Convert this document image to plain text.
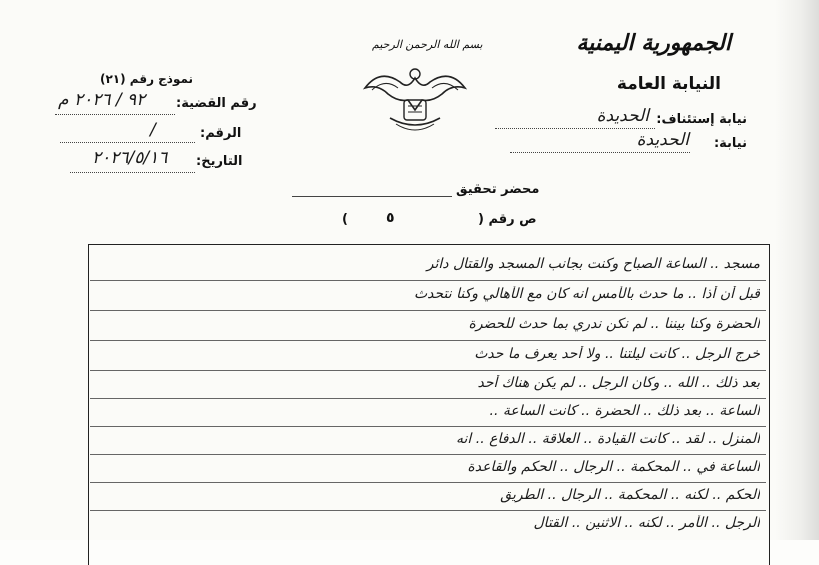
الجمهورية اليمنية
النيابة العامة
نيابة إستئناف:
الحديدة
نيابة:
الحديدة
بسم الله الرحمن الرحيم
نموذج رقم (٢١)
رقم القضية:
٩٢ / ٢٠٢٦ م
الرقم:
/
التاريخ:
٢٠٢٦/٥/١٦
محضر تحقيق
ص رقم (
٥
)
مسجد .. الساعة الصباح وكنت بجانب المسجد والقتال دائر
قبل أن أذا .. ما حدث بالأمس انه كان مع الأهالي وكنا نتحدث
الحضرة وكنا بيننا .. لم نكن ندري بما حدث للحضرة
خرج الرجل .. كانت ليلتنا .. ولا أحد يعرف ما حدث
بعد ذلك .. الله .. وكان الرجل .. لم يكن هناك أحد
الساعة .. بعد ذلك .. الحضرة .. كانت الساعة ..
المنزل .. لقد .. كانت القيادة .. العلاقة .. الدفاع .. انه
الساعة في .. المحكمة .. الرجال .. الحكم والقاعدة
الحكم .. لكنه .. المحكمة .. الرجال .. الطريق
الرجل .. الأمر .. لكنه .. الاثنين .. القتال
